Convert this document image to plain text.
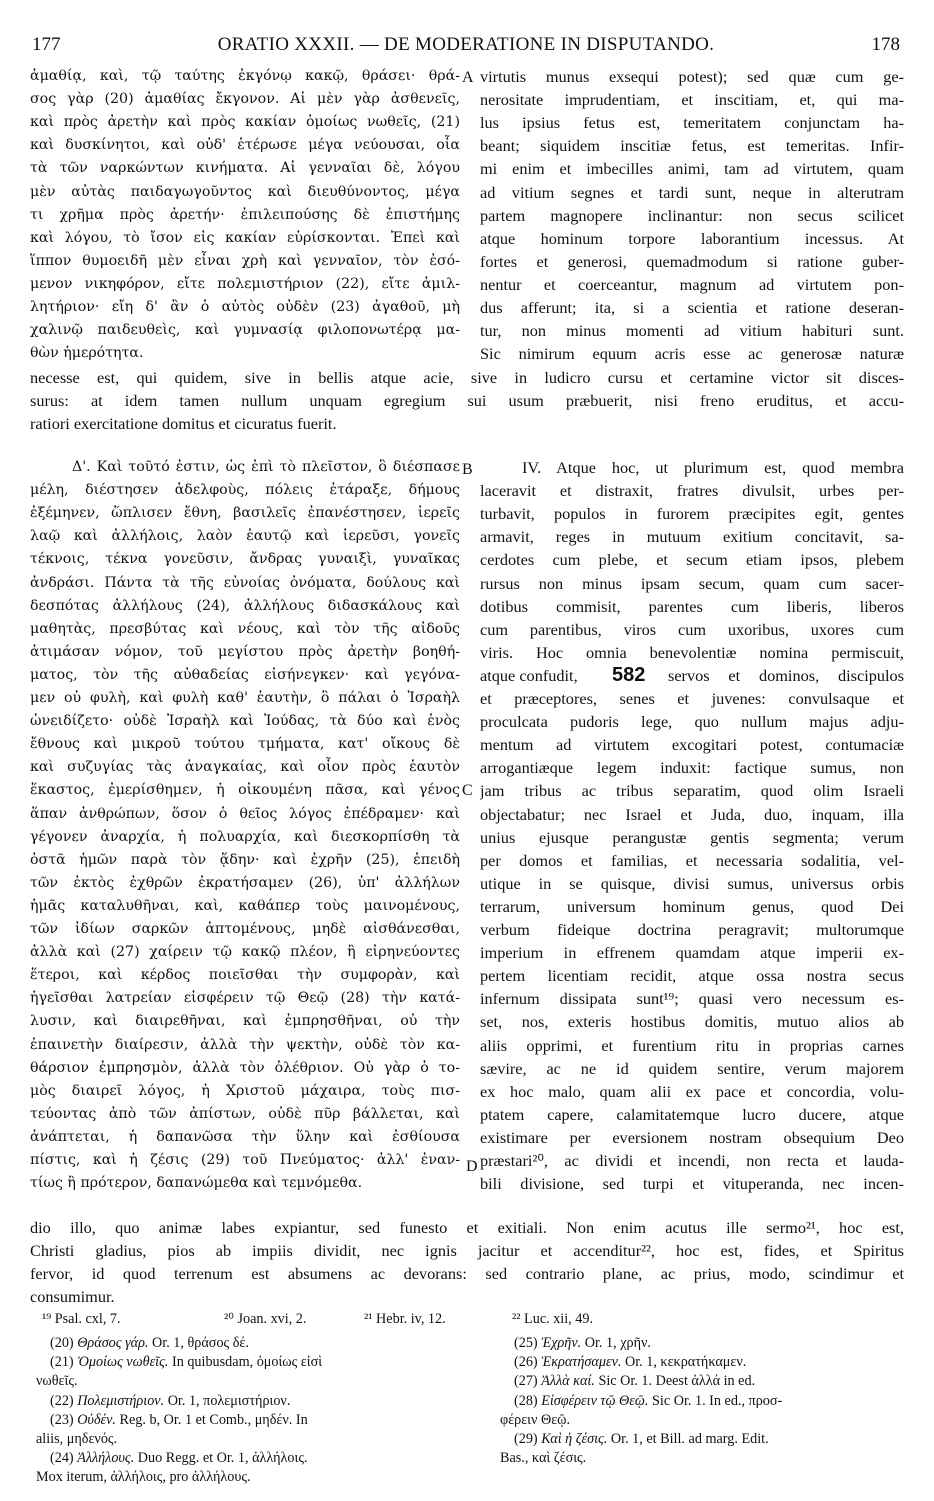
177	ORATIO XXXII. — DE MODERATIONE IN DISPUTANDO.	178
A
B
C
D
582
ἀμαθίᾳ, καὶ, τῷ ταύτης ἐκγόνῳ κακῷ, θράσει· θρά-
σος γὰρ (20) ἀμαθίας ἔκγονον. Αἱ μὲν γὰρ ἀσθενεῖς,
καὶ πρὸς ἀρετὴν καὶ πρὸς κακίαν ὁμοίως νωθεῖς, (21)
καὶ δυσκίνητοι, καὶ οὐδ' ἑτέρωσε μέγα νεύουσαι, οἷα
τὰ τῶν ναρκώντων κινήματα. Αἱ γενναῖαι δὲ, λόγου
μὲν αὐτὰς παιδαγωγοῦντος καὶ διευθύνοντος, μέγα
τι χρῆμα πρὸς ἀρετήν· ἐπιλειπούσης δὲ ἐπιστήμης
καὶ λόγου, τὸ ἴσον εἰς κακίαν εὑρίσκονται. Ἐπεὶ καὶ
ἵππον θυμοειδῆ μὲν εἶναι χρὴ καὶ γενναῖον, τὸν ἐσό-
μενον νικηφόρον, εἴτε πολεμιστήριον (22), εἴτε ἁμιλ-
λητήριον· εἴη δ' ἂν ὁ αὐτὸς οὐδὲν (23) ἀγαθοῦ, μὴ
χαλινῷ παιδευθεὶς, καὶ γυμνασίᾳ φιλοπονωτέρᾳ μα-
θὼν ἡμερότητα.
virtutis munus exsequi potest); sed quæ cum ge-
nerositate imprudentiam, et inscitiam, et, qui ma-
lus ipsius fetus est, temeritatem conjunctam ha-
beant; siquidem inscitiæ fetus, est temeritas. Infir-
mi enim et imbecilles animi, tam ad virtutem, quam
ad vitium segnes et tardi sunt, neque in alterutram
partem magnopere inclinantur: non secus scilicet
atque hominum torpore laborantium incessus. At
fortes et generosi, quemadmodum si ratione guber-
nentur et coerceantur, magnum ad virtutem pon-
dus afferunt; ita, si a scientia et ratione deseran-
tur, non minus momenti ad vitium habituri sunt.
Sic nimirum equum acris esse ac generosæ naturæ
necesse est, qui quidem, sive in bellis atque acie, sive in ludicro cursu et certamine victor sit disces-
surus: at idem tamen nullum unquam egregium sui usum præbuerit, nisi freno eruditus, et accu-
ratiori exercitatione domitus et cicuratus fuerit.
Δ'. Καὶ τοῦτό ἐστιν, ὡς ἐπὶ τὸ πλεῖστον, ὃ διέσπασε
μέλη, διέστησεν ἀδελφοὺς, πόλεις ἐτάραξε, δήμους
ἐξέμηνεν, ὥπλισεν ἔθνη, βασιλεῖς ἐπανέστησεν, ἱερεῖς
λαῷ καὶ ἀλλήλοις, λαὸν ἑαυτῷ καὶ ἱερεῦσι, γονεῖς
τέκνοις, τέκνα γονεῦσιν, ἄνδρας γυναιξὶ, γυναῖκας
ἀνδράσι. Πάντα τὰ τῆς εὐνοίας ὀνόματα, δούλους καὶ
δεσπότας ἀλλήλους (24), ἀλλήλους διδασκάλους καὶ
μαθητὰς, πρεσβύτας καὶ νέους, καὶ τὸν τῆς αἰδοῦς
ἀτιμάσαν νόμον, τοῦ μεγίστου πρὸς ἀρετὴν βοηθή-
ματος, τὸν τῆς αὐθαδείας εἰσήνεγκεν· καὶ γεγόνα-
μεν οὐ φυλὴ, καὶ φυλὴ καθ' ἑαυτὴν, ὃ πάλαι ὁ Ἰσραὴλ
ὠνειδίζετο· οὐδὲ Ἰσραὴλ καὶ Ἰούδας, τὰ δύο καὶ ἑνὸς
ἔθνους καὶ μικροῦ τούτου τμήματα, κατ' οἴκους δὲ
καὶ συζυγίας τὰς ἀναγκαίας, καὶ οἷον πρὸς ἑαυτὸν
ἕκαστος, ἐμερίσθημεν, ἡ οἰκουμένη πᾶσα, καὶ γένος
ἅπαν ἀνθρώπων, ὅσον ὁ θεῖος λόγος ἐπέδραμεν· καὶ
γέγονεν ἀναρχία, ἡ πολυαρχία, καὶ διεσκορπίσθη τὰ
ὀστᾶ ἡμῶν παρὰ τὸν ᾅδην· καὶ ἐχρῆν (25), ἐπειδὴ
τῶν ἐκτὸς ἐχθρῶν ἐκρατήσαμεν (26), ὑπ' ἀλλήλων
ἡμᾶς καταλυθῆναι, καὶ, καθάπερ τοὺς μαινομένους,
τῶν ἰδίων σαρκῶν ἁπτομένους, μηδὲ αἰσθάνεσθαι,
ἀλλὰ καὶ (27) χαίρειν τῷ κακῷ πλέον, ἢ εἰρηνεύοντες
ἕτεροι, καὶ κέρδος ποιεῖσθαι τὴν συμφορὰν, καὶ
ἡγεῖσθαι λατρείαν εἰσφέρειν τῷ Θεῷ (28) τὴν κατά-
λυσιν, καὶ διαιρεθῆναι, καὶ ἐμπρησθῆναι, οὐ τὴν
ἐπαινετὴν διαίρεσιν, ἀλλὰ τὴν ψεκτὴν, οὐδὲ τὸν κα-
θάρσιον ἐμπρησμὸν, ἀλλὰ τὸν ὀλέθριον. Οὐ γὰρ ὁ το-
μὸς διαιρεῖ λόγος, ἡ Χριστοῦ μάχαιρα, τοὺς πισ-
τεύοντας ἀπὸ τῶν ἀπίστων, οὐδὲ πῦρ βάλλεται, καὶ
ἀνάπτεται, ἡ δαπανῶσα τὴν ὕλην καὶ ἐσθίουσα
πίστις, καὶ ἡ ζέσις (29) τοῦ Πνεύματος· ἀλλ' ἐναν-
τίως ἢ πρότερον, δαπανώμεθα καὶ τεμνόμεθα.
IV. Atque hoc, ut plurimum est, quod membra
laceravit et distraxit, fratres divulsit, urbes per-
turbavit, populos in furorem præcipites egit, gentes
armavit, reges in mutuum exitium concitavit, sa-
cerdotes cum plebe, et secum etiam ipsos, plebem
rursus non minus ipsam secum, quam cum sacer-
dotibus commisit, parentes cum liberis, liberos
cum parentibus, viros cum uxoribus, uxores cum
viris. Hoc omnia benevolentiæ nomina permiscuit,
atque confudit,	servos et dominos, discipulos
et præceptores, senes et juvenes: convulsaque et
proculcata pudoris lege, quo nullum majus adju-
mentum ad virtutem excogitari potest, contumaciæ
arrogantiæque legem induxit: factique sumus, non
jam tribus ac tribus separatim, quod olim Israeli
objectabatur; nec Israel et Juda, duo, inquam, illa
unius ejusque perangustæ gentis segmenta; verum
per domos et familias, et necessaria sodalitia, vel-
utique in se quisque, divisi sumus, universus orbis
terrarum, universum hominum genus, quod Dei
verbum fideique doctrina peragravit; multorumque
imperium in effrenem quamdam atque imperii ex-
pertem licentiam recidit, atque ossa nostra secus
infernum dissipata sunt¹⁹; quasi vero necessum es-
set, nos, exteris hostibus domitis, mutuo alios ab
aliis opprimi, et furentium ritu in proprias carnes
sævire, ac ne id quidem sentire, verum majorem
ex hoc malo, quam alii ex pace et concordia, volu-
ptatem capere, calamitatemque lucro ducere, atque
existimare per eversionem nostram obsequium Deo
præstari²⁰, ac dividi et incendi, non recta et lauda-
bili divisione, sed turpi et vituperanda, nec incen-
dio illo, quo animæ labes expiantur, sed funesto et exitiali. Non enim acutus ille sermo²¹, hoc est,
Christi gladius, pios ab impiis dividit, nec ignis jacitur et accenditur²², hoc est, fides, et Spiritus
fervor, id quod terrenum est absumens ac devorans: sed contrario plane, ac prius, modo, scindimur et
consumimur.
¹⁹ Psal. cxl, 7.	²⁰ Joan. xvi, 2.	²¹ Hebr. iv, 12.	²² Luc. xii, 49.
(20) Θράσος γάρ. Or. 1, θράσος δέ.
(21) Ὁμοίως νωθεῖς. In quibusdam, ὁμοίως εἰσὶ
νωθεῖς.
(22) Πολεμιστήριον. Or. 1, πολεμιστήριον.
(23) Οὐδέν. Reg. b, Or. 1 et Comb., μηδέν. In
aliis, μηδενός.
(24) Ἀλλήλους. Duo Regg. et Or. 1, ἀλλήλοις.
Mox iterum, ἀλλήλοις, pro ἀλλήλους.
(25) Ἐχρῆν. Or. 1, χρῆν.
(26) Ἐκρατήσαμεν. Or. 1, κεκρατήκαμεν.
(27) Ἀλλὰ καί. Sic Or. 1. Deest ἀλλά in ed.
(28) Εἰσφέρειν τῷ Θεῷ. Sic Or. 1. In ed., προσ-
φέρειν Θεῷ.
(29) Καὶ ἡ ζέσις. Or. 1, et Bill. ad marg. Edit.
Bas., καὶ ζέσις.
